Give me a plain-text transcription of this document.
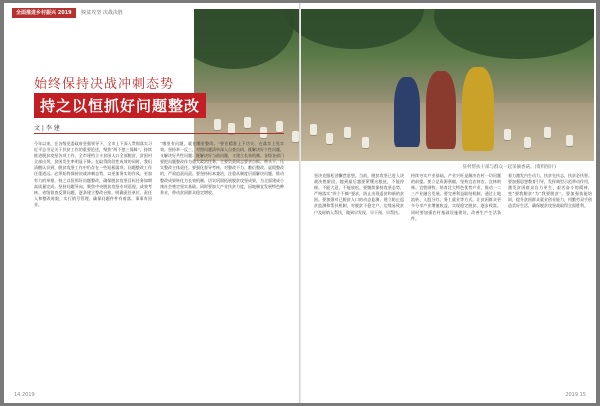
全面推进乡村振兴 2019 脱贫攻坚 决战决胜
驻村帮扶干部与群众一起采摘香菇。(资料图片)
始终保持决战冲刺态势
持之以恒抓好问题整改
文 | 李 建
今年以来，在各级党委政府坚强领导下，全市上下深入贯彻落实习近平总书记关于扶贫工作的重要论述，聚焦“两不愁三保障”，持续推进脱贫攻坚各项工作，全市建档立卡贫困人口全部脱贫，贫困村全部出列，贫困发生率明显下降。在取得阶段性成效的同时，我们清醒认识到，脱贫攻坚工作中仍存在一些短板弱项，问题整改工作任重道远。必须始终保持决战冲刺态势，以更加务实的作风、更加有力的举措，持之以恒抓好问题整改，确保脱贫攻坚目标任务如期高质量完成。坚持问题导向，聚焦中央脱贫攻坚专项巡视、成效考核、省级督查反馈问题，逐条建立整改台账，明确责任单位、责任人和整改时限，实行销号管理，确保问题件件有着落、事事有回音。
“哪里有问题，就在哪里整改。”要在精准上下功夫，在落实上见实效。坚持举一反三，对照问题清单深入自查自纠，既解决好个性问题，又解决好共性问题；既解决好当前问题，又建立长效机制。各级各部门要把问题整改作为重大政治任务，主要负责同志要亲自抓、带头干，压实整改主体责任。要强化督导考核，对整改不力、敷衍整改、虚假整改的，严肃追责问责。要坚持标本兼治，注重从制度层面解决问题，推动整改成果转化为长效机制，切实巩固拓展脱贫攻坚成果，为全面建成小康社会奠定坚实基础。同时要加大产业扶贫力度，因地制宜发展特色种养业，带动贫困群众稳定增收。
坚决克服松劲懈怠思想。当前，脱贫攻坚已进入决战决胜阶段，越到最后越要紧绷这根弦，不能停顿、不能大意、不能放松。要继续保持攻坚态势，严格落实“四个不摘”要求，防止出现返贫和新的贫困。要加强对已脱贫人口的动态监测，建立防止返贫监测和帮扶机制，对脱贫不稳定户、边缘易致贫户及时纳入帮扶，做到早发现、早干预、早帮扶。
持续夯实产业基础。产业兴旺是解决农村一切问题的前提。要立足资源禀赋，坚持宜农则农、宜林则林、宜牧则牧，培育壮大特色优势产业，推动一二三产业融合发展。要完善利益联结机制，通过土地流转、入股分红、务工就业等方式，让贫困群众更多分享产业增值收益，实现稳定脱贫、逐步致富。同时要加强农村基础设施建设，改善生产生活条件。
着力激发内生动力。扶贫先扶志，扶贫必扶智。要加强思想教育引导，发挥典型示范带动作用，激发贫困群众自力更生、艰苦奋斗的精神，变“要我脱贫”为“我要脱贫”。要加强技能培训，提升贫困群众就业创业能力，用勤劳双手创造美好生活，确保脱贫攻坚战取得全面胜利。
14 2019	2019 15
